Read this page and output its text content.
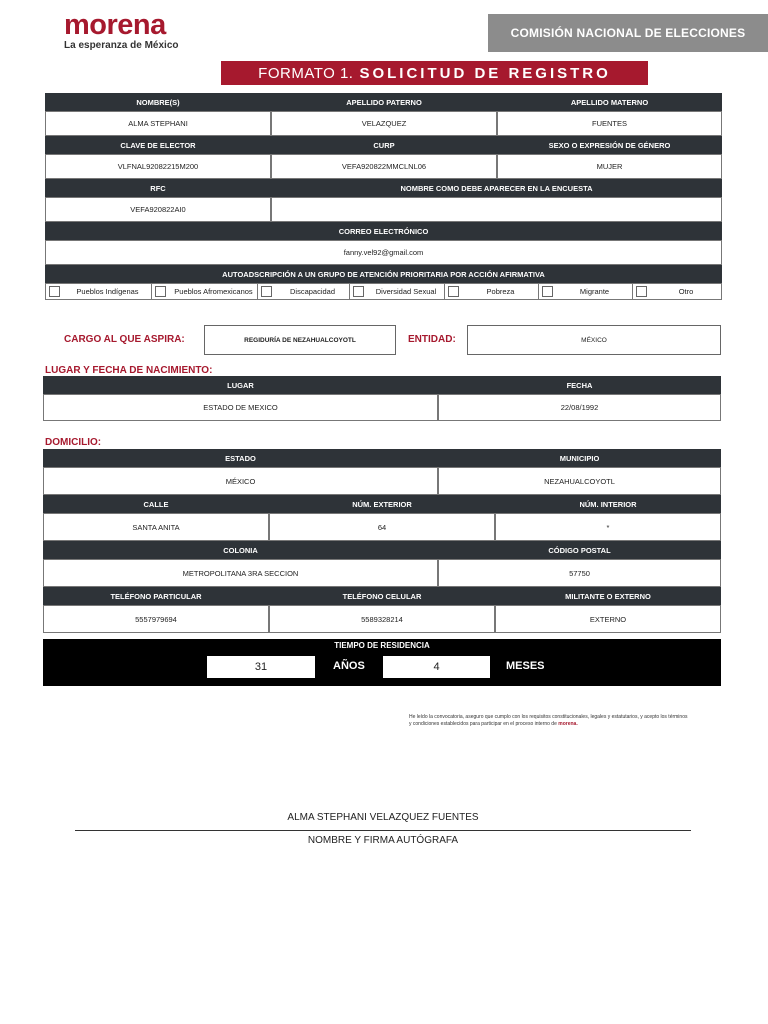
morena
La esperanza de México
COMISIÓN NACIONAL DE ELECCIONES
FORMATO 1. SOLICITUD DE REGISTRO
NOMBRE(S)	APELLIDO PATERNO	APELLIDO MATERNO
ALMA STEPHANI	VELAZQUEZ	FUENTES
CLAVE DE ELECTOR	CURP	SEXO O EXPRESIÓN DE GÉNERO
VLFNAL92082215M200	VEFA920822MMCLNL06	MUJER
RFC	NOMBRE COMO DEBE APARECER EN LA ENCUESTA
VEFA920822AI0
CORREO ELECTRÓNICO
fanny.vel92@gmail.com
AUTOADSCRIPCIÓN A UN GRUPO DE ATENCIÓN PRIORITARIA POR ACCIÓN AFIRMATIVA
Pueblos Indígenas	Pueblos Afromexicanos	Discapacidad	Diversidad Sexual	Pobreza	Migrante	Otro
CARGO AL QUE ASPIRA:	REGIDURÍA DE NEZAHUALCOYOTL	ENTIDAD:	MÉXICO
LUGAR Y FECHA DE NACIMIENTO:
LUGAR	FECHA
ESTADO DE MEXICO	22/08/1992
DOMICILIO:
ESTADO	MUNICIPIO
MÉXICO	NEZAHUALCOYOTL
CALLE	NÚM. EXTERIOR	NÚM. INTERIOR
SANTA ANITA	64	*
COLONIA	CÓDIGO POSTAL
METROPOLITANA 3RA SECCION	57750
TELÉFONO PARTICULAR	TELÉFONO CELULAR	MILITANTE O EXTERNO
5557979694	5589328214	EXTERNO
TIEMPO DE RESIDENCIA
31	AÑOS	4	MESES
He leído la convocatoria, aseguro que cumplo con los requisitos constitucionales, legales y estatutarios, y acepto los términos y condiciones establecidos para participar en el proceso interno de morena.
ALMA STEPHANI VELAZQUEZ FUENTES
NOMBRE Y FIRMA AUTÓGRAFA
